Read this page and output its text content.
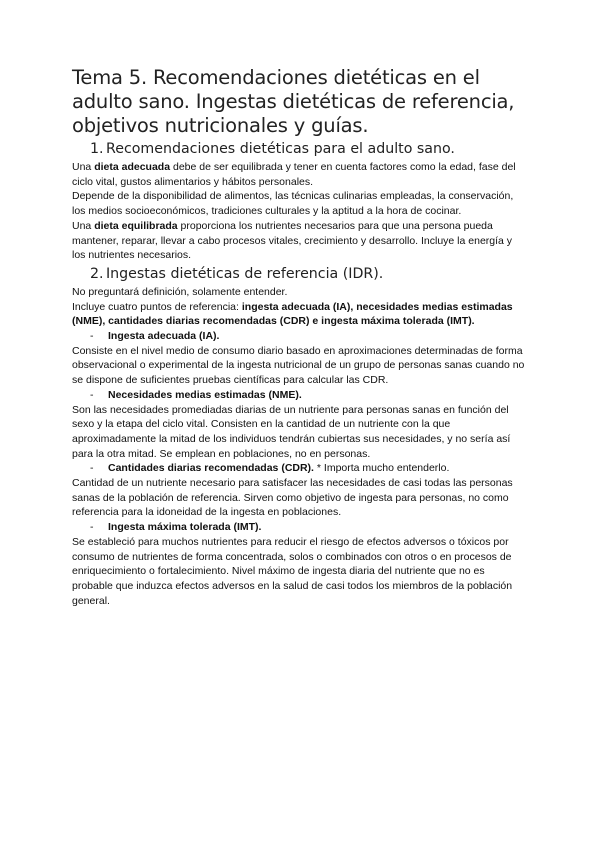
Tema 5. Recomendaciones dietéticas en el adulto sano. Ingestas dietéticas de referencia, objetivos nutricionales y guías.
1. Recomendaciones dietéticas para el adulto sano.

Una dieta adecuada debe de ser equilibrada y tener en cuenta factores como la edad, fase del ciclo vital, gustos alimentarios y hábitos personales.

Depende de la disponibilidad de alimentos, las técnicas culinarias empleadas, la conservación, los medios socioeconómicos, tradiciones culturales y la aptitud a la hora de cocinar.

Una dieta equilibrada proporciona los nutrientes necesarios para que una persona pueda mantener, reparar, llevar a cabo procesos vitales, crecimiento y desarrollo. Incluye la energía y los nutrientes necesarios.

2. Ingestas dietéticas de referencia (IDR).

No preguntará definición, solamente entender.

Incluye cuatro puntos de referencia: ingesta adecuada (IA), necesidades medias estimadas (NME), cantidades diarias recomendadas (CDR) e ingesta máxima tolerada (IMT).

-	Ingesta adecuada (IA).

Consiste en el nivel medio de consumo diario basado en aproximaciones determinadas de forma observacional o experimental de la ingesta nutricional de un grupo de personas sanas cuando no se dispone de suficientes pruebas científicas para calcular las CDR.

-	Necesidades medias estimadas (NME).

Son las necesidades promediadas diarias de un nutriente para personas sanas en función del sexo y la etapa del ciclo vital. Consisten en la cantidad de un nutriente con la que aproximadamente la mitad de los individuos tendrán cubiertas sus necesidades, y no sería así para la otra mitad. Se emplean en poblaciones, no en personas.

-	Cantidades diarias recomendadas (CDR). * Importa mucho entenderlo.

Cantidad de un nutriente necesario para satisfacer las necesidades de casi todas las personas sanas de la población de referencia. Sirven como objetivo de ingesta para personas, no como referencia para la idoneidad de la ingesta en poblaciones.

-	Ingesta máxima tolerada (IMT).

Se estableció para muchos nutrientes para reducir el riesgo de efectos adversos o tóxicos por consumo de nutrientes de forma concentrada, solos o combinados con otros o en procesos de enriquecimiento o fortalecimiento. Nivel máximo de ingesta diaria del nutriente que no es probable que induzca efectos adversos en la salud de casi todos los miembros de la población general.
